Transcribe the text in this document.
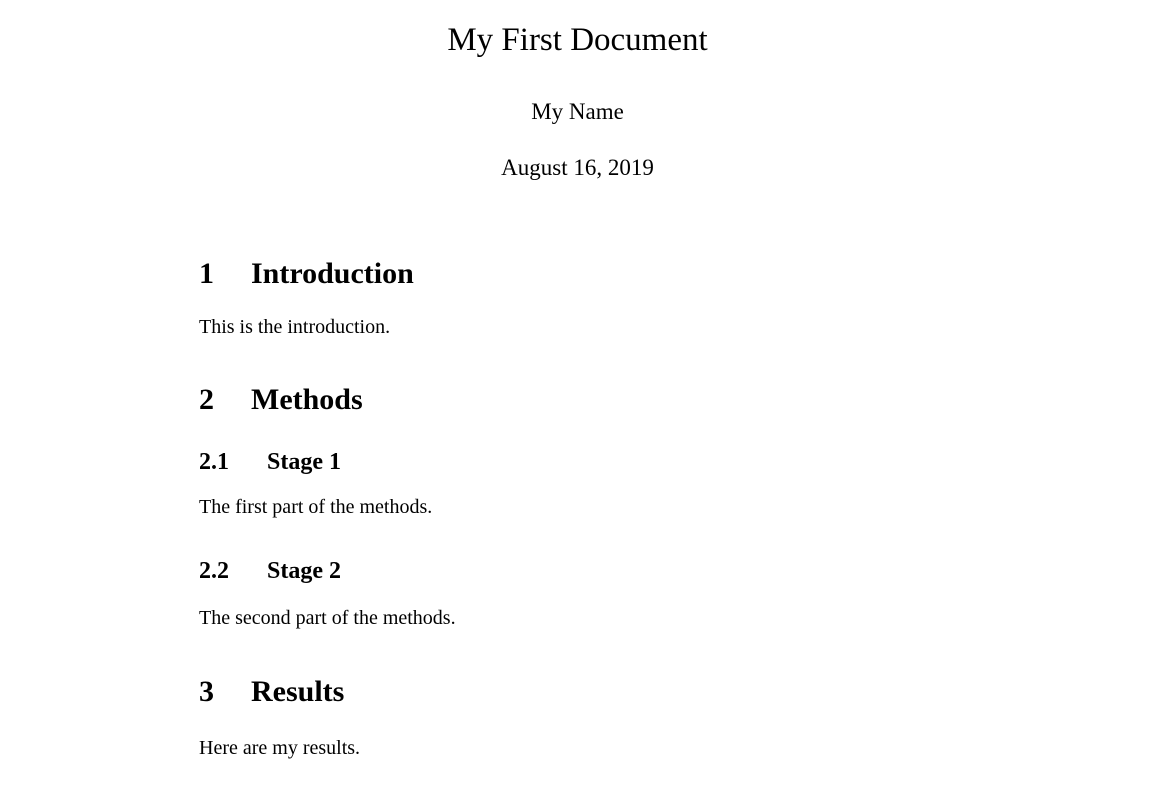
My First Document

My Name

August 16, 2019

1 Introduction

This is the introduction.

2 Methods
2.1 Stage 1

The first part of the methods.

2.2 Stage 2

The second part of the methods.

3 Results

Here are my results.
